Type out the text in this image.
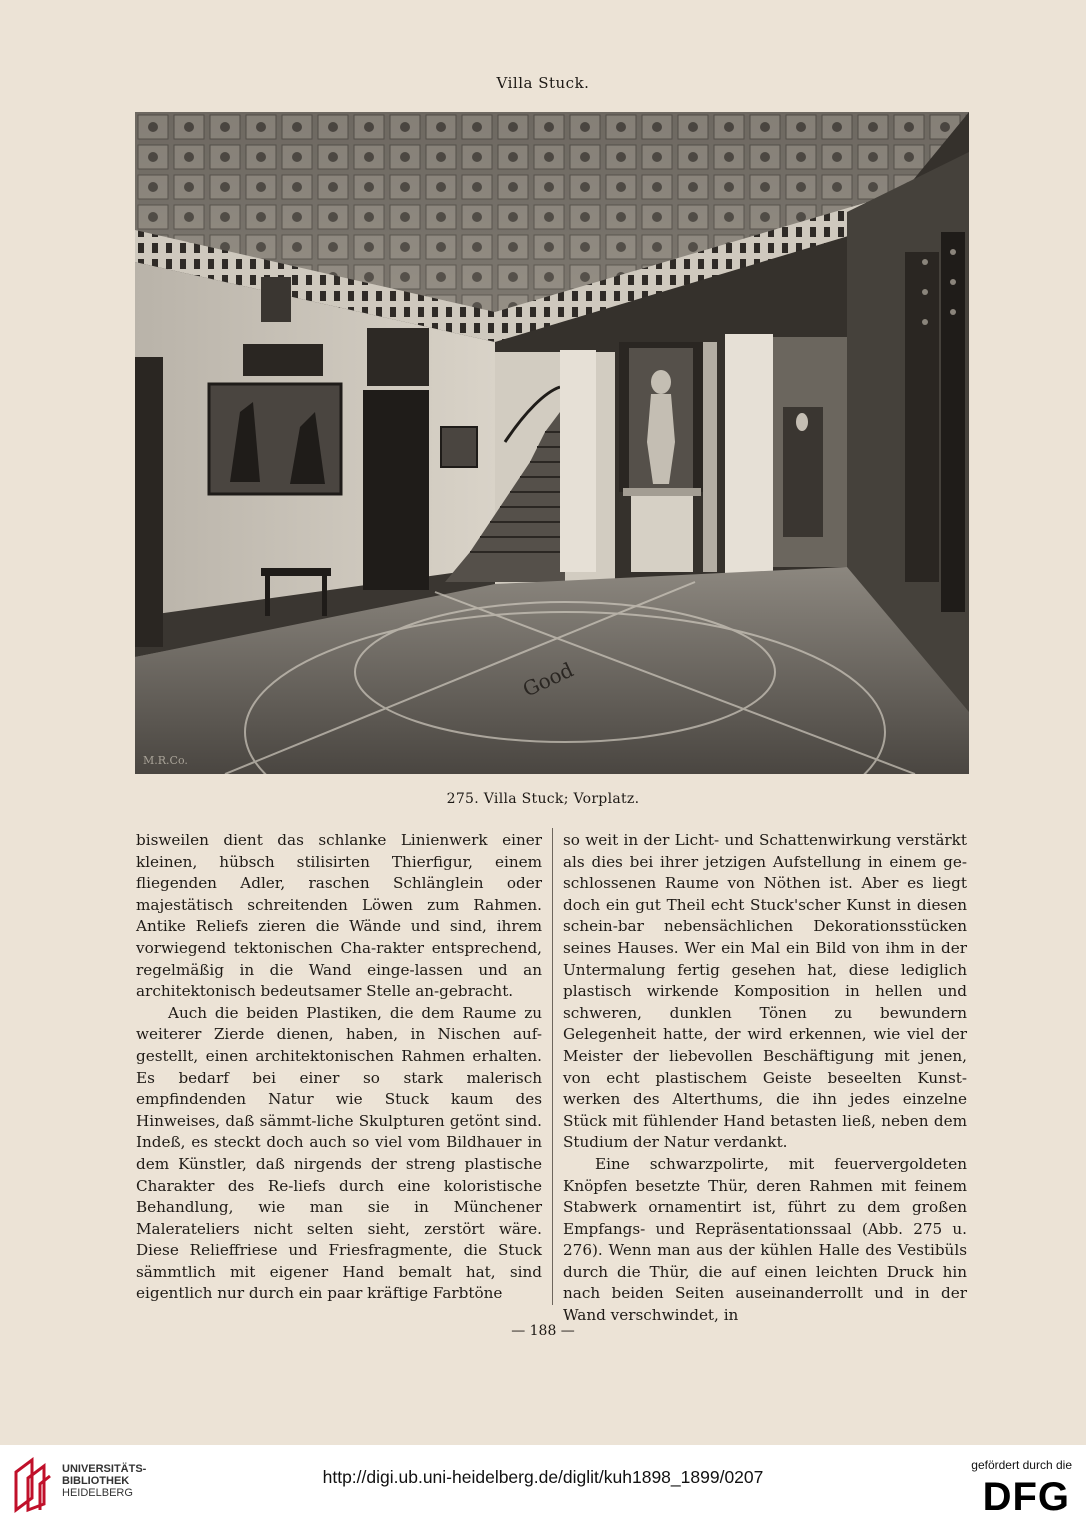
Villa Stuck.
Good
M.R.Co.
275. Villa Stuck; Vorplatz.

bisweilen dient das schlanke Linienwerk einer kleinen, hübsch stilisirten Thierfigur, einem fliegenden Adler, raschen Schlänglein oder majestätisch schreitenden Löwen zum Rahmen. Antike Reliefs zieren die Wände und sind, ihrem vorwiegend tektonischen Cha-rakter entsprechend, regelmäßig in die Wand einge-lassen und an architektonisch bedeutsamer Stelle an-gebracht.

Auch die beiden Plastiken, die dem Raume zu weiterer Zierde dienen, haben, in Nischen auf-gestellt, einen architektonischen Rahmen erhalten. Es bedarf bei einer so stark malerisch empfindenden Natur wie Stuck kaum des Hinweises, daß sämmt-liche Skulpturen getönt sind. Indeß, es steckt doch auch so viel vom Bildhauer in dem Künstler, daß nirgends der streng plastische Charakter des Re-liefs durch eine koloristische Behandlung, wie man sie in Münchener Malerateliers nicht selten sieht, zerstört wäre. Diese Relieffriese und Friesfragmente, die Stuck sämmtlich mit eigener Hand bemalt hat, sind eigentlich nur durch ein paar kräftige Farbtöne

so weit in der Licht- und Schattenwirkung verstärkt als dies bei ihrer jetzigen Aufstellung in einem ge-schlossenen Raume von Nöthen ist. Aber es liegt doch ein gut Theil echt Stuck'scher Kunst in diesen schein-bar nebensächlichen Dekorationsstücken seines Hauses. Wer ein Mal ein Bild von ihm in der Untermalung fertig gesehen hat, diese lediglich plastisch wirkende Komposition in hellen und schweren, dunklen Tönen zu bewundern Gelegenheit hatte, der wird erkennen, wie viel der Meister der liebevollen Beschäftigung mit jenen, von echt plastischem Geiste beseelten Kunst-werken des Alterthums, die ihn jedes einzelne Stück mit fühlender Hand betasten ließ, neben dem Studium der Natur verdankt.

Eine schwarzpolirte, mit feuervergoldeten Knöpfen besetzte Thür, deren Rahmen mit feinem Stabwerk ornamentirt ist, führt zu dem großen Empfangs- und Repräsentationssaal (Abb. 275 u. 276). Wenn man aus der kühlen Halle des Vestibüls durch die Thür, die auf einen leichten Druck hin nach beiden Seiten auseinanderrollt und in der Wand verschwindet, in

— 188 —
UNIVERSITÄTS-
BIBLIOTHEK
HEIDELBERG
http://digi.ub.uni-heidelberg.de/diglit/kuh1898_1899/0207
gefördert durch die
DFG
